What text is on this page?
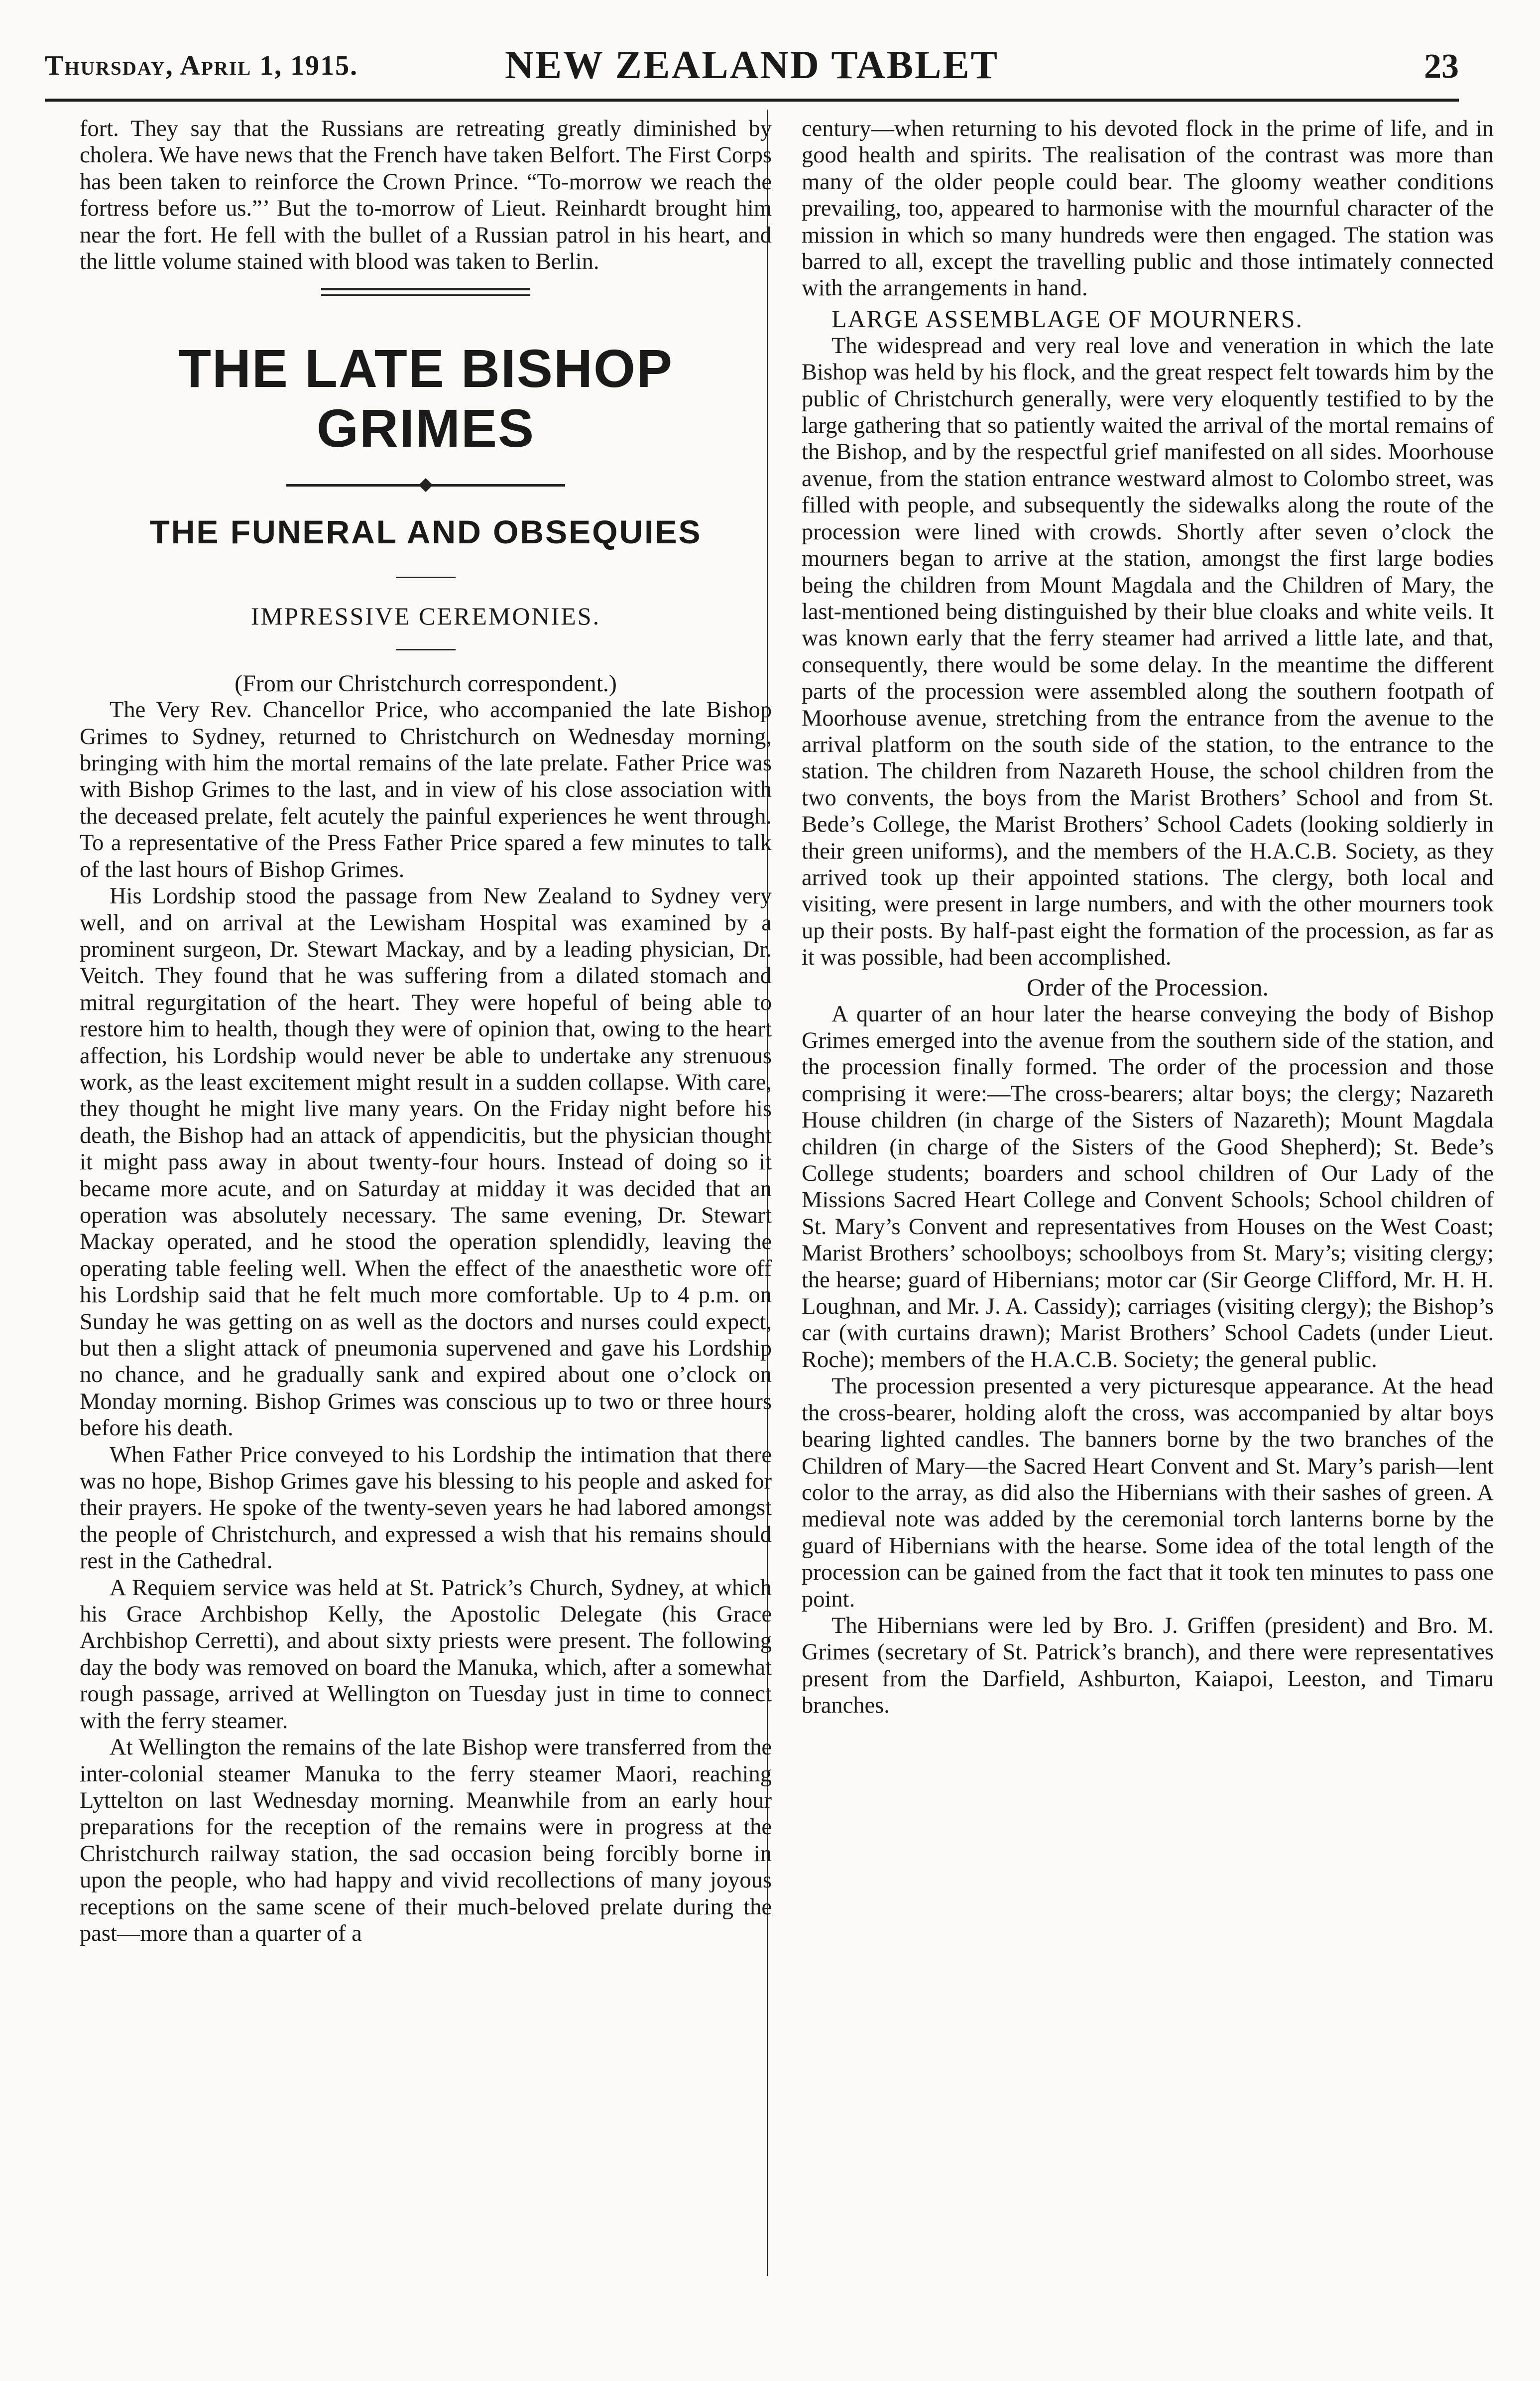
Thursday, April 1, 1915.	NEW ZEALAND TABLET	23

fort. They say that the Russians are retreating greatly diminished by cholera. We have news that the French have taken Belfort. The First Corps has been taken to reinforce the Crown Prince. “To-morrow we reach the fortress before us.”’ But the to-morrow of Lieut. Reinhardt brought him near the fort. He fell with the bullet of a Russian patrol in his heart, and the little volume stained with blood was taken to Berlin.

THE LATE BISHOP GRIMES
THE FUNERAL AND OBSEQUIES
IMPRESSIVE CEREMONIES.
(From our Christchurch correspondent.)

The Very Rev. Chancellor Price, who accompanied the late Bishop Grimes to Sydney, returned to Christchurch on Wednesday morning, bringing with him the mortal remains of the late prelate. Father Price was with Bishop Grimes to the last, and in view of his close association with the deceased prelate, felt acutely the painful experiences he went through. To a representative of the Press Father Price spared a few minutes to talk of the last hours of Bishop Grimes.

His Lordship stood the passage from New Zealand to Sydney very well, and on arrival at the Lewisham Hospital was examined by a prominent surgeon, Dr. Stewart Mackay, and by a leading physician, Dr. Veitch. They found that he was suffering from a dilated stomach and mitral regurgitation of the heart. They were hopeful of being able to restore him to health, though they were of opinion that, owing to the heart affection, his Lordship would never be able to undertake any strenuous work, as the least excitement might result in a sudden collapse. With care, they thought he might live many years. On the Friday night before his death, the Bishop had an attack of appendicitis, but the physician thought it might pass away in about twenty-four hours. Instead of doing so it became more acute, and on Saturday at midday it was decided that an operation was absolutely necessary. The same evening, Dr. Stewart Mackay operated, and he stood the operation splendidly, leaving the operating table feeling well. When the effect of the anaesthetic wore off his Lordship said that he felt much more comfortable. Up to 4 p.m. on Sunday he was getting on as well as the doctors and nurses could expect, but then a slight attack of pneumonia supervened and gave his Lordship no chance, and he gradually sank and expired about one o’clock on Monday morning. Bishop Grimes was conscious up to two or three hours before his death.

When Father Price conveyed to his Lordship the intimation that there was no hope, Bishop Grimes gave his blessing to his people and asked for their prayers. He spoke of the twenty-seven years he had labored amongst the people of Christchurch, and expressed a wish that his remains should rest in the Cathedral.

A Requiem service was held at St. Patrick’s Church, Sydney, at which his Grace Archbishop Kelly, the Apostolic Delegate (his Grace Archbishop Cerretti), and about sixty priests were present. The following day the body was removed on board the Manuka, which, after a somewhat rough passage, arrived at Wellington on Tuesday just in time to connect with the ferry steamer.

At Wellington the remains of the late Bishop were transferred from the inter-colonial steamer Manuka to the ferry steamer Maori, reaching Lyttelton on last Wednesday morning. Meanwhile from an early hour preparations for the reception of the remains were in progress at the Christchurch railway station, the sad occasion being forcibly borne in upon the people, who had happy and vivid recollections of many joyous receptions on the same scene of their much-beloved prelate during the past—more than a quarter of a

century—when returning to his devoted flock in the prime of life, and in good health and spirits. The realisation of the contrast was more than many of the older people could bear. The gloomy weather conditions prevailing, too, appeared to harmonise with the mournful character of the mission in which so many hundreds were then engaged. The station was barred to all, except the travelling public and those intimately connected with the arrangements in hand.

LARGE ASSEMBLAGE OF MOURNERS.

The widespread and very real love and veneration in which the late Bishop was held by his flock, and the great respect felt towards him by the public of Christchurch generally, were very eloquently testified to by the large gathering that so patiently waited the arrival of the mortal remains of the Bishop, and by the respectful grief manifested on all sides. Moorhouse avenue, from the station entrance westward almost to Colombo street, was filled with people, and subsequently the sidewalks along the route of the procession were lined with crowds. Shortly after seven o’clock the mourners began to arrive at the station, amongst the first large bodies being the children from Mount Magdala and the Children of Mary, the last-mentioned being distinguished by their blue cloaks and white veils. It was known early that the ferry steamer had arrived a little late, and that, consequently, there would be some delay. In the meantime the different parts of the procession were assembled along the southern footpath of Moorhouse avenue, stretching from the entrance from the avenue to the arrival platform on the south side of the station, to the entrance to the station. The children from Nazareth House, the school children from the two convents, the boys from the Marist Brothers’ School and from St. Bede’s College, the Marist Brothers’ School Cadets (looking soldierly in their green uniforms), and the members of the H.A.C.B. Society, as they arrived took up their appointed stations. The clergy, both local and visiting, were present in large numbers, and with the other mourners took up their posts. By half-past eight the formation of the procession, as far as it was possible, had been accomplished.

Order of the Procession.

A quarter of an hour later the hearse conveying the body of Bishop Grimes emerged into the avenue from the southern side of the station, and the procession finally formed. The order of the procession and those comprising it were:—The cross-bearers; altar boys; the clergy; Nazareth House children (in charge of the Sisters of Nazareth); Mount Magdala children (in charge of the Sisters of the Good Shepherd); St. Bede’s College students; boarders and school children of Our Lady of the Missions Sacred Heart College and Convent Schools; School children of St. Mary’s Convent and representatives from Houses on the West Coast; Marist Brothers’ schoolboys; schoolboys from St. Mary’s; visiting clergy; the hearse; guard of Hibernians; motor car (Sir George Clifford, Mr. H. H. Loughnan, and Mr. J. A. Cassidy); carriages (visiting clergy); the Bishop’s car (with curtains drawn); Marist Brothers’ School Cadets (under Lieut. Roche); members of the H.A.C.B. Society; the general public.

The procession presented a very picturesque appearance. At the head the cross-bearer, holding aloft the cross, was accompanied by altar boys bearing lighted candles. The banners borne by the two branches of the Children of Mary—the Sacred Heart Convent and St. Mary’s parish—lent color to the array, as did also the Hibernians with their sashes of green. A medieval note was added by the ceremonial torch lanterns borne by the guard of Hibernians with the hearse. Some idea of the total length of the procession can be gained from the fact that it took ten minutes to pass one point.

The Hibernians were led by Bro. J. Griffen (president) and Bro. M. Grimes (secretary of St. Patrick’s branch), and there were representatives present from the Darfield, Ashburton, Kaiapoi, Leeston, and Timaru branches.
